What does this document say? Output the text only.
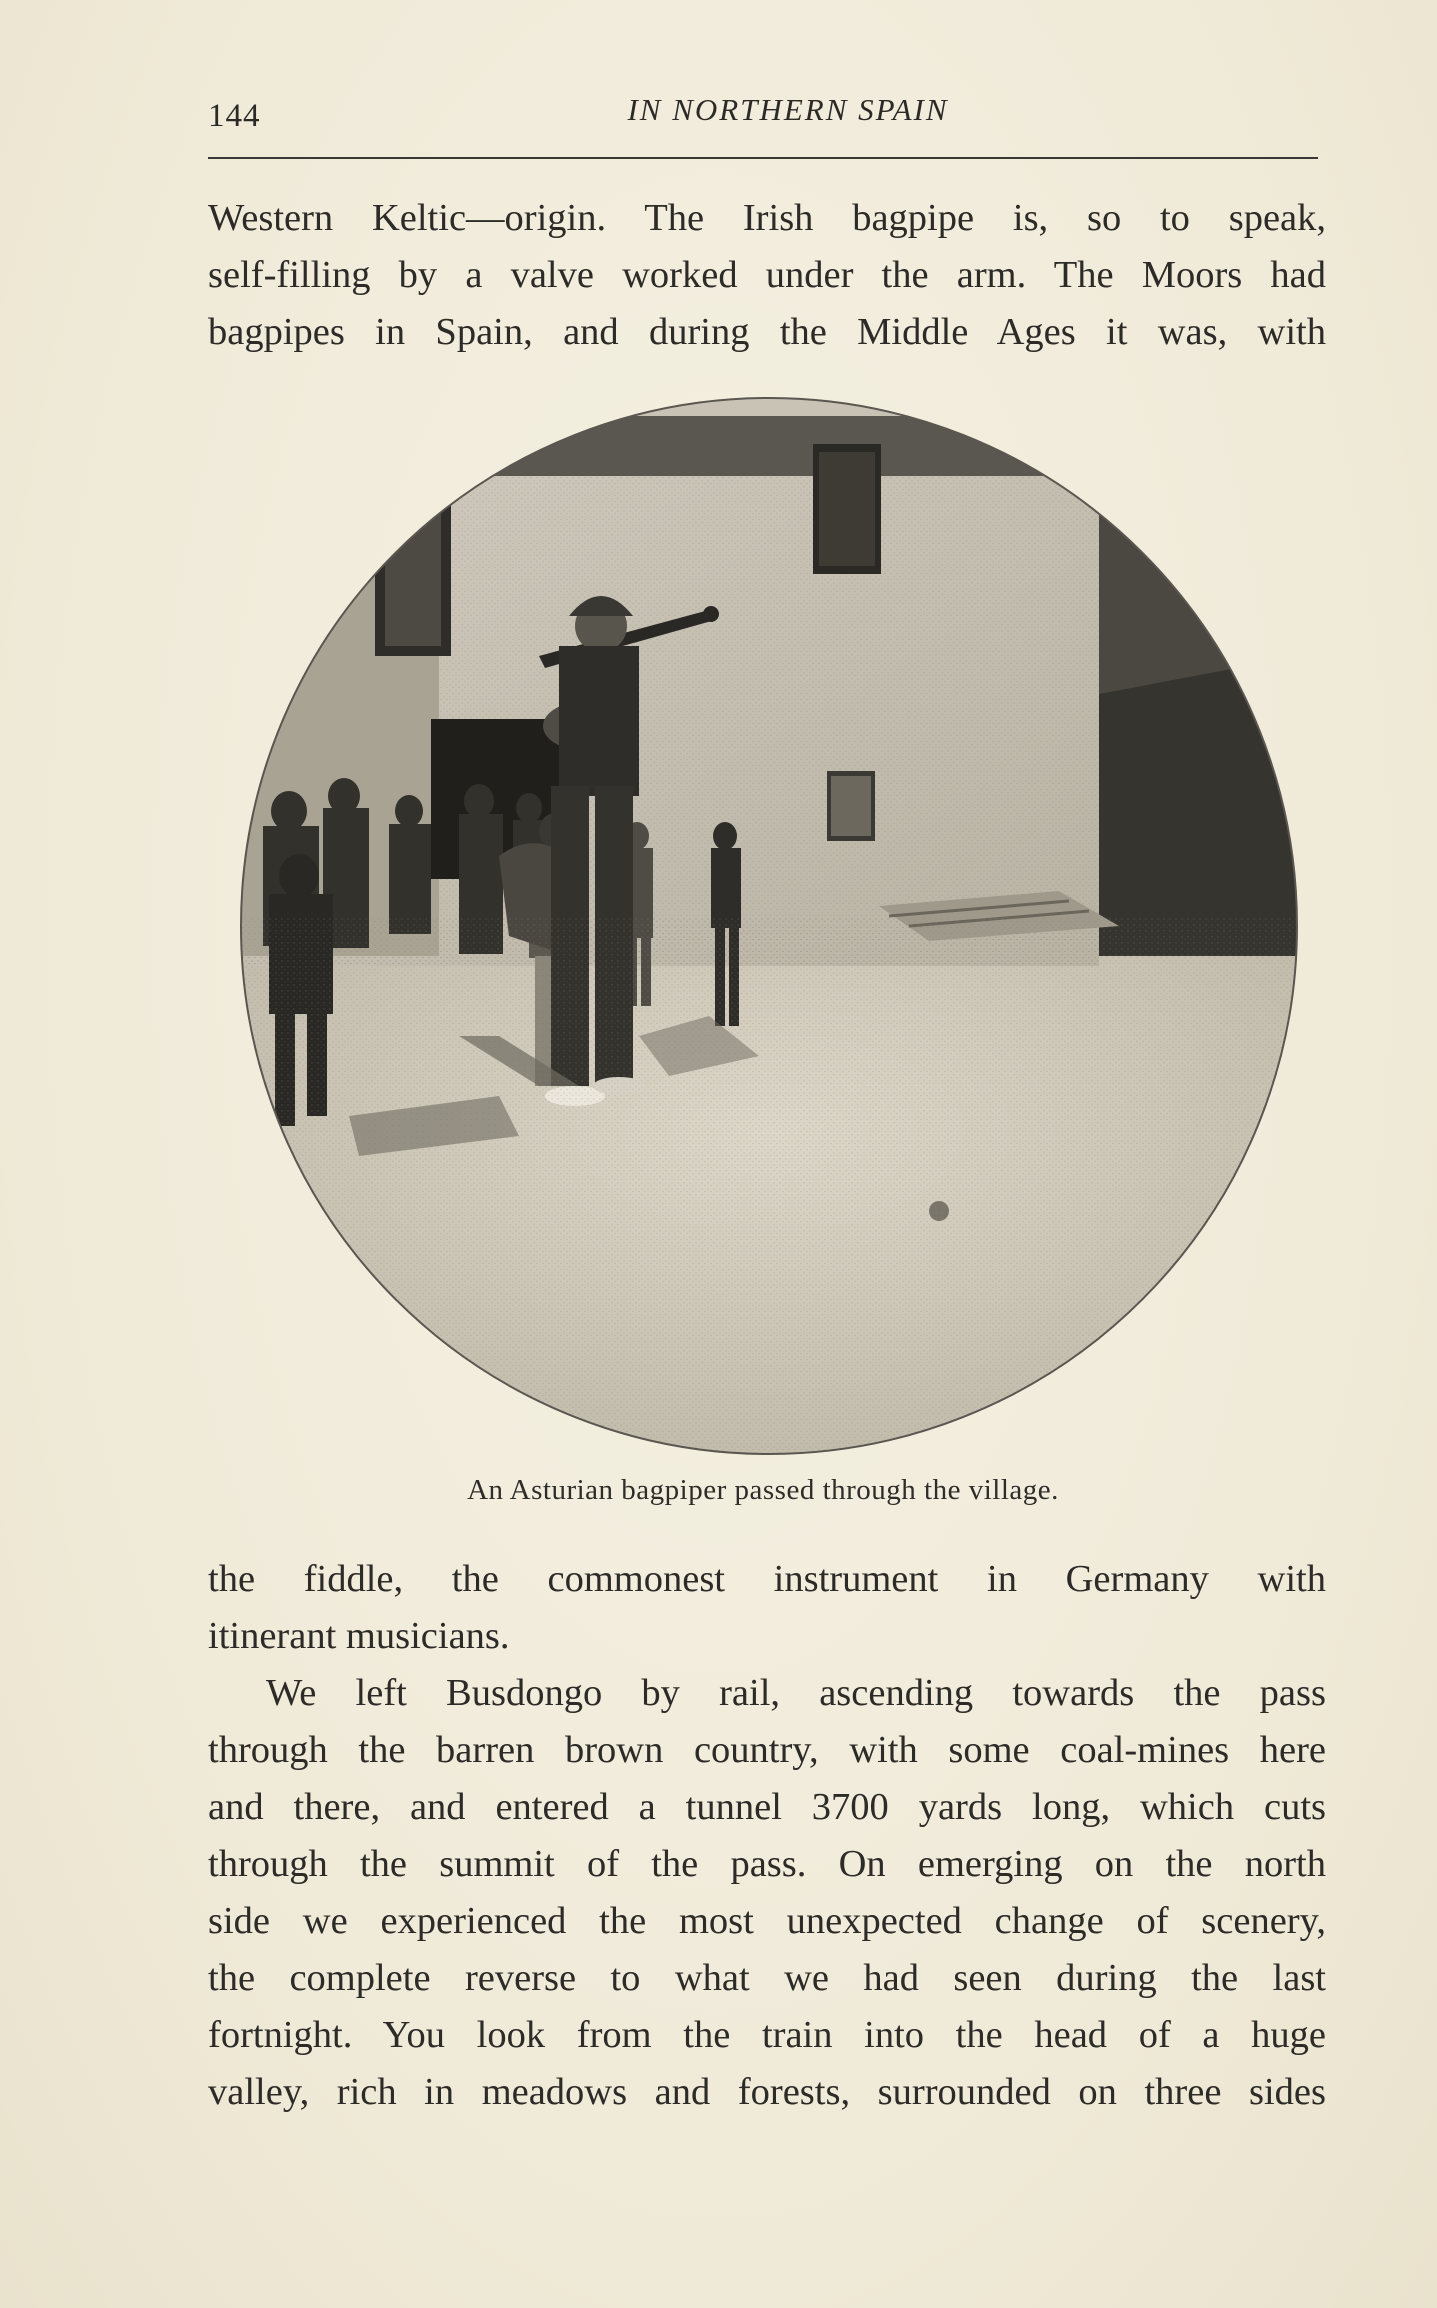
144	IN NORTHERN SPAIN
Western Keltic—origin. The Irish bagpipe is, so to speak,
self-filling by a valve worked under the arm. The Moors had
bagpipes in Spain, and during the Middle Ages it was, with
An Asturian bagpiper passed through the village.
the fiddle, the commonest instrument in Germany with
itinerant musicians.
We left Busdongo by rail, ascending towards the pass
through the barren brown country, with some coal-mines here
and there, and entered a tunnel 3700 yards long, which cuts
through the summit of the pass. On emerging on the north
side we experienced the most unexpected change of scenery,
the complete reverse to what we had seen during the last
fortnight. You look from the train into the head of a huge
valley, rich in meadows and forests, surrounded on three sides
